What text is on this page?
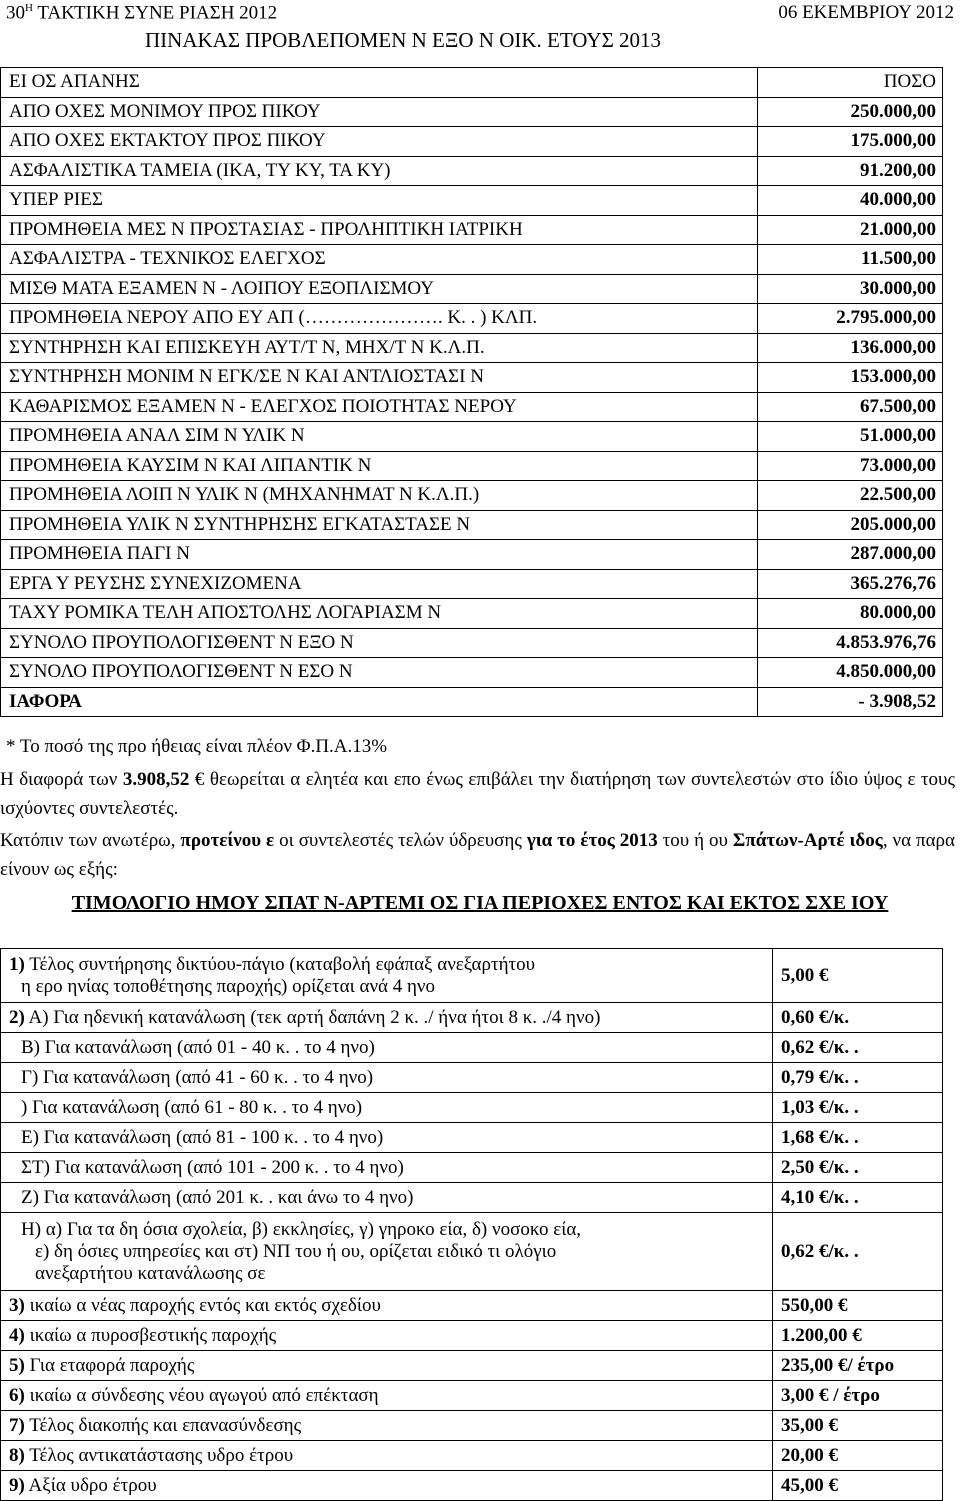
$30^H$ ΤΑΚΤΙΚΗ ΣΥΝΕ ΡΙΑΣΗ 2012	06 ΕΚΕΜΒΡΙΟΥ 2012
ΠΙΝΑΚΑΣ ΠΡΟΒΛΕΠΟΜΕΝ Ν ΕΞΟ Ν ΟΙΚ. ΕΤΟΥΣ 2013
ΕΙ ΟΣ ΑΠΑΝΗΣ	ΠΟΣΟ
ΑΠΟ ΟΧΕΣ ΜΟΝΙΜΟΥ ΠΡΟΣ ΠΙΚΟΥ	250.000,00
ΑΠΟ ΟΧΕΣ ΕΚΤΑΚΤΟΥ ΠΡΟΣ ΠΙΚΟΥ	175.000,00
ΑΣΦΑΛΙΣΤΙΚΑ ΤΑΜΕΙΑ (ΙΚΑ, ΤΥ ΚΥ, ΤΑ ΚΥ)	91.200,00
ΥΠΕΡ ΡΙΕΣ	40.000,00
ΠΡΟΜΗΘΕΙΑ ΜΕΣ Ν ΠΡΟΣΤΑΣΙΑΣ - ΠΡΟΛΗΠΤΙΚΗ ΙΑΤΡΙΚΗ	21.000,00
ΑΣΦΑΛΙΣΤΡΑ - ΤΕΧΝΙΚΟΣ ΕΛΕΓΧΟΣ	11.500,00
ΜΙΣΘ ΜΑΤΑ ΕΞΑΜΕΝ Ν - ΛΟΙΠΟΥ ΕΞΟΠΛΙΣΜΟΥ	30.000,00
ΠΡΟΜΗΘΕΙΑ ΝΕΡΟΥ ΑΠΟ ΕΥ ΑΠ (…………………. Κ. . ) ΚΛΠ.	2.795.000,00
ΣΥΝΤΗΡΗΣΗ ΚΑΙ ΕΠΙΣΚΕΥΗ ΑΥΤ/Τ Ν, ΜΗΧ/Τ Ν Κ.Λ.Π.	136.000,00
ΣΥΝΤΗΡΗΣΗ ΜΟΝΙΜ Ν ΕΓΚ/ΣΕ Ν ΚΑΙ ΑΝΤΛΙΟΣΤΑΣΙ Ν	153.000,00
ΚΑΘΑΡΙΣΜΟΣ ΕΞΑΜΕΝ Ν - ΕΛΕΓΧΟΣ ΠΟΙΟΤΗΤΑΣ ΝΕΡΟΥ	67.500,00
ΠΡΟΜΗΘΕΙΑ ΑΝΑΛ ΣΙΜ Ν ΥΛΙΚ Ν	51.000,00
ΠΡΟΜΗΘΕΙΑ ΚΑΥΣΙΜ Ν ΚΑΙ ΛΙΠΑΝΤΙΚ Ν	73.000,00
ΠΡΟΜΗΘΕΙΑ ΛΟΙΠ Ν ΥΛΙΚ Ν (ΜΗΧΑΝΗΜΑΤ Ν Κ.Λ.Π.)	22.500,00
ΠΡΟΜΗΘΕΙΑ ΥΛΙΚ Ν ΣΥΝΤΗΡΗΣΗΣ ΕΓΚΑΤΑΣΤΑΣΕ Ν	205.000,00
ΠΡΟΜΗΘΕΙΑ ΠΑΓΙ Ν	287.000,00
ΕΡΓΑ Υ ΡΕΥΣΗΣ ΣΥΝΕΧΙΖΟΜΕΝΑ	365.276,76
ΤΑΧΥ ΡΟΜΙΚΑ ΤΕΛΗ ΑΠΟΣΤΟΛΗΣ ΛΟΓΑΡΙΑΣΜ Ν	80.000,00
ΣΥΝΟΛΟ ΠΡΟΥΠΟΛΟΓΙΣΘΕΝΤ Ν ΕΞΟ Ν	4.853.976,76
ΣΥΝΟΛΟ ΠΡΟΥΠΟΛΟΓΙΣΘΕΝΤ Ν ΕΣΟ Ν	4.850.000,00
ΙΑΦΟΡΑ	- 3.908,52
* Το ποσό της προ ήθειας είναι πλέον Φ.Π.Α.13%
Η διαφορά των 3.908,52 € θεωρείται α ελητέα και επο ένως επιβάλει την διατήρηση των συντελεστών στο ίδιο ύψος ε τους ισχύοντες συντελεστές.
Κατόπιν των ανωτέρω, προτείνου ε οι συντελεστές τελών ύδρευσης για το έτος 2013 του ή ου Σπάτων-Αρτέ ιδος, να παρα είνουν ως εξής:
ΤΙΜΟΛΟΓΙΟ ΗΜΟΥ ΣΠΑΤ Ν-ΑΡΤΕΜΙ ΟΣ ΓΙΑ ΠΕΡΙΟΧΕΣ ΕΝΤΟΣ ΚΑΙ ΕΚΤΟΣ ΣΧΕ ΙΟΥ
1) Τέλος συντήρησης δικτύου-πάγιο (καταβολή εφάπαξ ανεξαρτήτου
η ερο ηνίας τοποθέτησης παροχής) ορίζεται ανά 4 ηνο	5,00 €
2) Α) Για ηδενική κατανάλωση (τεκ αρτή δαπάνη 2 κ. ./ ήνα ήτοι 8 κ. ./4 ηνο)	0,60 €/κ.

Β) Για κατανάλωση (από 01 - 40 κ. . το 4 ηνο)	0,62 €/κ. .

Γ) Για κατανάλωση (από 41 - 60 κ. . το 4 ηνο)	0,79 €/κ. .

) Για κατανάλωση (από 61 - 80 κ. . το 4 ηνο)	1,03 €/κ. .

Ε) Για κατανάλωση (από 81 - 100 κ. . το 4 ηνο)	1,68 €/κ. .

ΣΤ) Για κατανάλωση (από 101 - 200 κ. . το 4 ηνο)	2,50 €/κ. .

Ζ) Για κατανάλωση (από 201 κ. . και άνω το 4 ηνο)	4,10 €/κ. .

Η) α) Για τα δη όσια σχολεία, β) εκκλησίες, γ) γηροκο εία, δ) νοσοκο εία,
ε) δη όσιες υπηρεσίες και στ) ΝΠ του ή ου, ορίζεται ειδικό τι ολόγιο
ανεξαρτήτου κατανάλωσης σε	0,62 €/κ. .
3) ικαίω α νέας παροχής εντός και εκτός σχεδίου	550,00 €
4) ικαίω α πυροσβεστικής παροχής	1.200,00 €
5) Για εταφορά παροχής	235,00 €/ έτρο
6) ικαίω α σύνδεσης νέου αγωγού από επέκταση	3,00 € / έτρο
7) Τέλος διακοπής και επανασύνδεσης	35,00 €
8) Τέλος αντικατάστασης υδρο έτρου	20,00 €
9) Αξία υδρο έτρου	45,00 €
